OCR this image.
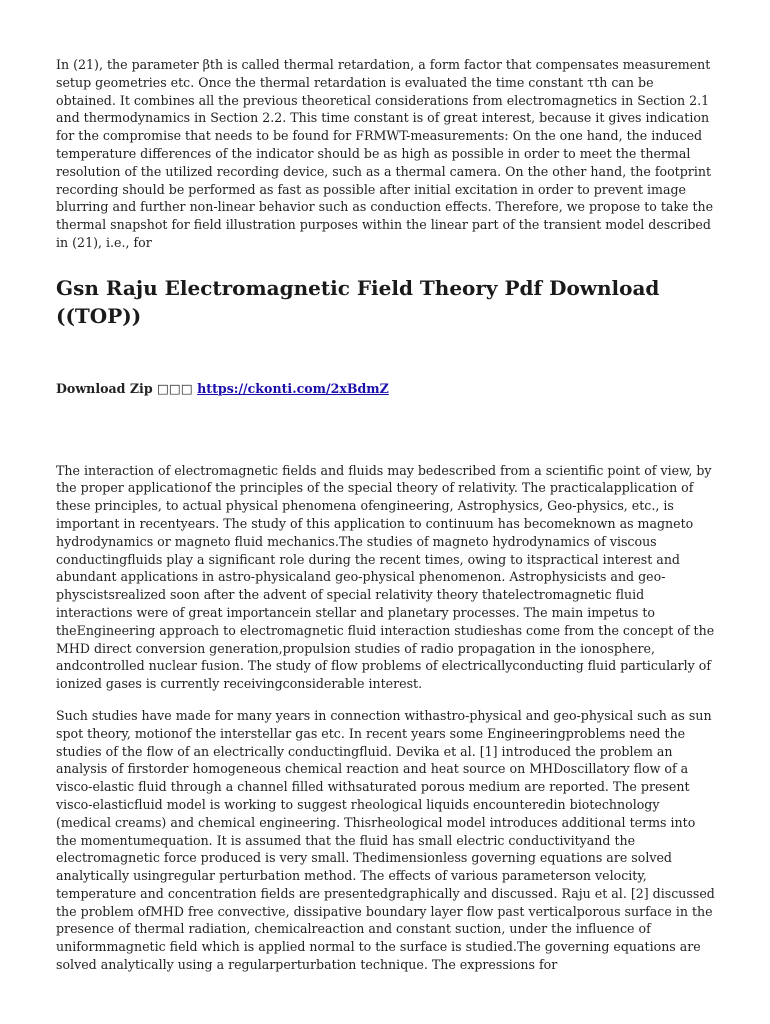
In (21), the parameter βth is called thermal retardation, a form factor that compensates measurement setup geometries etc. Once the thermal retardation is evaluated the time constant τth can be obtained. It combines all the previous theoretical considerations from electromagnetics in Section 2.1 and thermodynamics in Section 2.2. This time constant is of great interest, because it gives indication for the compromise that needs to be found for FRMWT-measurements: On the one hand, the induced temperature differences of the indicator should be as high as possible in order to meet the thermal resolution of the utilized recording device, such as a thermal camera. On the other hand, the footprint recording should be performed as fast as possible after initial excitation in order to prevent image blurring and further non-linear behavior such as conduction effects. Therefore, we propose to take the thermal snapshot for field illustration purposes within the linear part of the transient model described in (21), i.e., for

Gsn Raju Electromagnetic Field Theory Pdf Download ((TOP))

Download Zip □□□ https://ckonti.com/2xBdmZ

The interaction of electromagnetic fields and fluids may bedescribed from a scientific point of view, by the proper applicationof the principles of the special theory of relativity. The practicalapplication of these principles, to actual physical phenomena ofengineering, Astrophysics, Geo-physics, etc., is important in recentyears. The study of this application to continuum has becomeknown as magneto hydrodynamics or magneto fluid mechanics.The studies of magneto hydrodynamics of viscous conductingfluids play a significant role during the recent times, owing to itspractical interest and abundant applications in astro-physicaland geo-physical phenomenon. Astrophysicists and geo-physcistsrealized soon after the advent of special relativity theory thatelectromagnetic fluid interactions were of great importancein stellar and planetary processes. The main impetus to theEngineering approach to electromagnetic fluid interaction studieshas come from the concept of the MHD direct conversion generation,propulsion studies of radio propagation in the ionosphere, andcontrolled nuclear fusion. The study of flow problems of electricallyconducting fluid particularly of ionized gases is currently receivingconsiderable interest.

Such studies have made for many years in connection withastro-physical and geo-physical such as sun spot theory, motionof the interstellar gas etc. In recent years some Engineeringproblems need the studies of the flow of an electrically conductingfluid. Devika et al. [1] introduced the problem an analysis of firstorder homogeneous chemical reaction and heat source on MHDoscillatory flow of a visco-elastic fluid through a channel filled withsaturated porous medium are reported. The present visco-elasticfluid model is working to suggest rheological liquids encounteredin biotechnology (medical creams) and chemical engineering. Thisrheological model introduces additional terms into the momentumequation. It is assumed that the fluid has small electric conductivityand the electromagnetic force produced is very small. Thedimensionless governing equations are solved analytically usingregular perturbation method. The effects of various parameterson velocity, temperature and concentration fields are presentedgraphically and discussed. Raju et al. [2] discussed the problem ofMHD free convective, dissipative boundary layer flow past verticalporous surface in the presence of thermal radiation, chemicalreaction and constant suction, under the influence of uniformmagnetic field which is applied normal to the surface is studied.The governing equations are solved analytically using a regularperturbation technique. The expressions for
